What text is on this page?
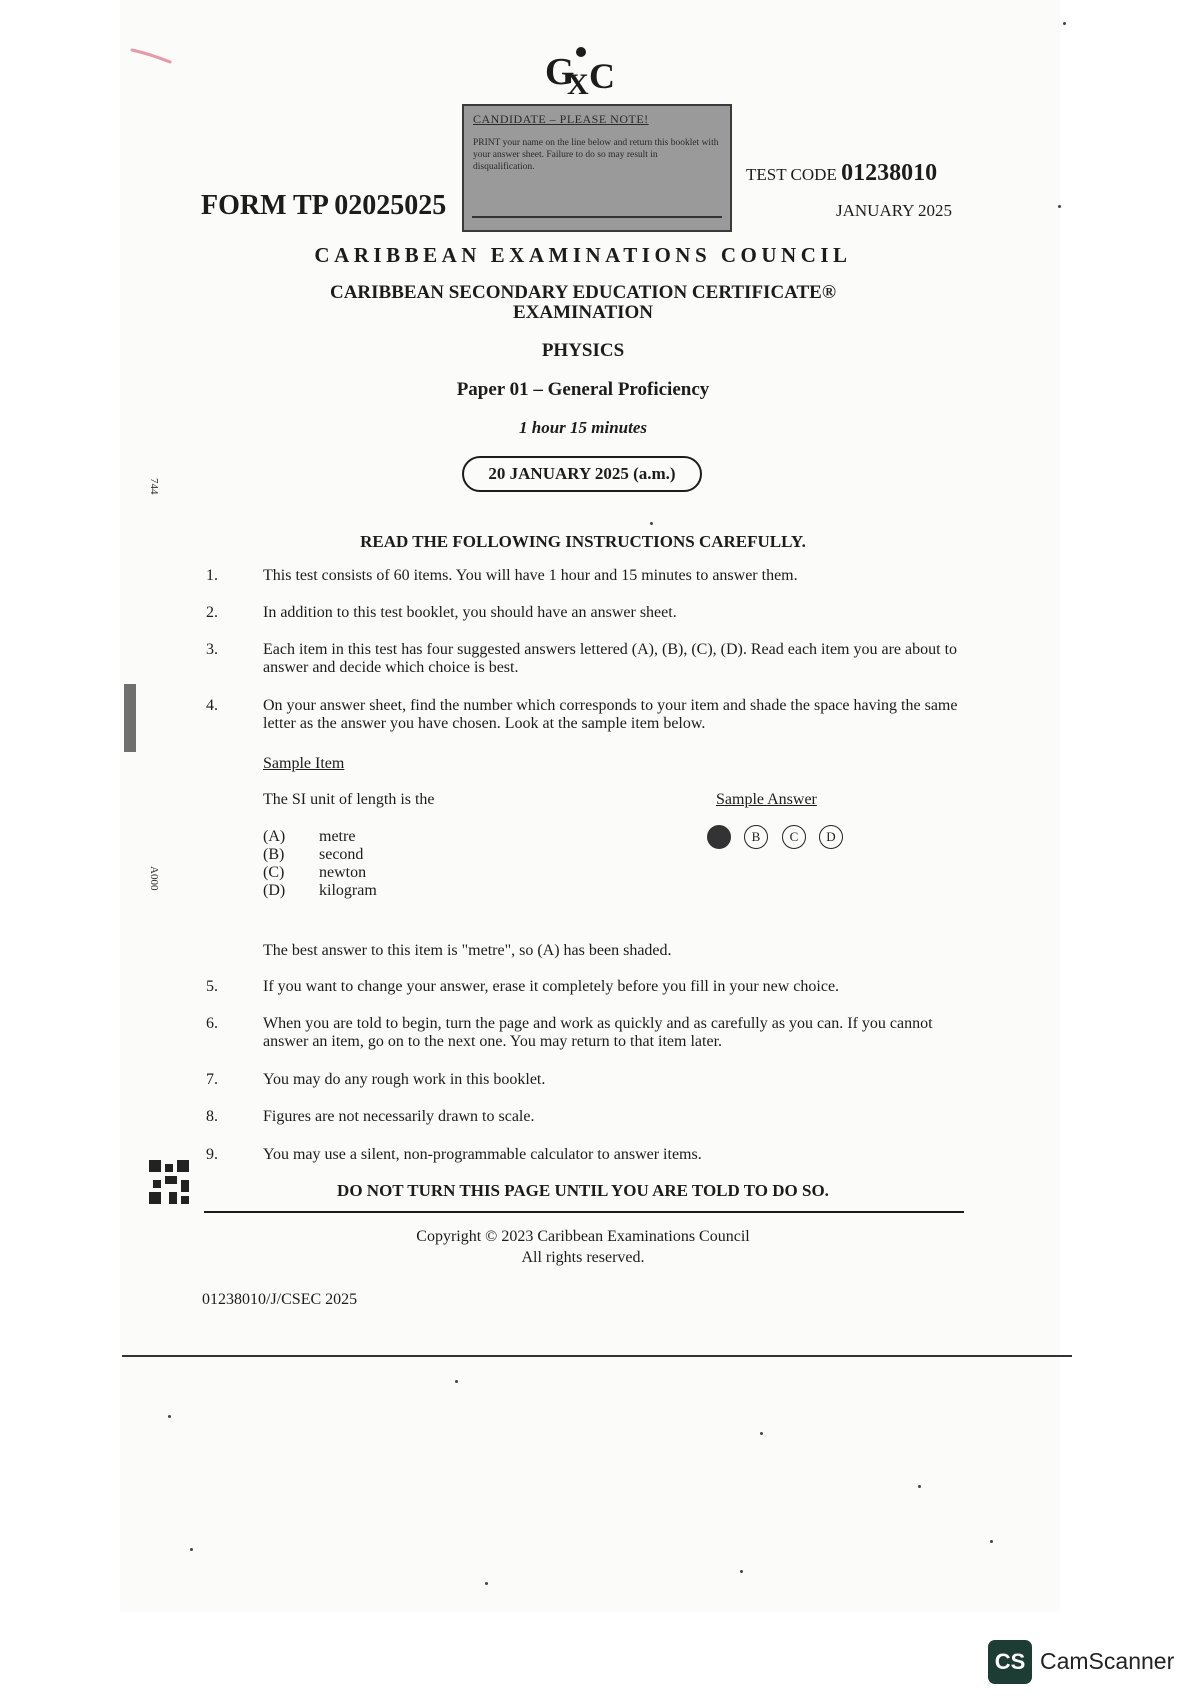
G
X C
CANDIDATE – PLEASE NOTE!
PRINT your name on the line below and return this booklet with your answer sheet. Failure to do so may result in disqualification.
FORM TP 02025025
TEST CODE 01238010
JANUARY 2025
CARIBBEAN EXAMINATIONS COUNCIL
CARIBBEAN SECONDARY EDUCATION CERTIFICATE®
EXAMINATION
PHYSICS
Paper 01 – General Proficiency
1 hour 15 minutes
20 JANUARY 2025 (a.m.)
READ THE FOLLOWING INSTRUCTIONS CAREFULLY.
1.	This test consists of 60 items. You will have 1 hour and 15 minutes to answer them.
2.	In addition to this test booklet, you should have an answer sheet.
3.	Each item in this test has four suggested answers lettered (A), (B), (C), (D). Read each item you are about to answer and decide which choice is best.
4.	On your answer sheet, find the number which corresponds to your item and shade the space having the same letter as the answer you have chosen. Look at the sample item below.
Sample Item
The SI unit of length is the
(A) metre
(B) second
(C) newton
(D) kilogram
Sample Answer
B	C	D
The best answer to this item is "metre", so (A) has been shaded.
5.	If you want to change your answer, erase it completely before you fill in your new choice.
6.	When you are told to begin, turn the page and work as quickly and as carefully as you can. If you cannot answer an item, go on to the next one. You may return to that item later.
7.	You may do any rough work in this booklet.
8.	Figures are not necessarily drawn to scale.
9.	You may use a silent, non-programmable calculator to answer items.
DO NOT TURN THIS PAGE UNTIL YOU ARE TOLD TO DO SO.
Copyright © 2023 Caribbean Examinations Council
All rights reserved.
01238010/J/CSEC 2025
744
A000
CS CamScanner
